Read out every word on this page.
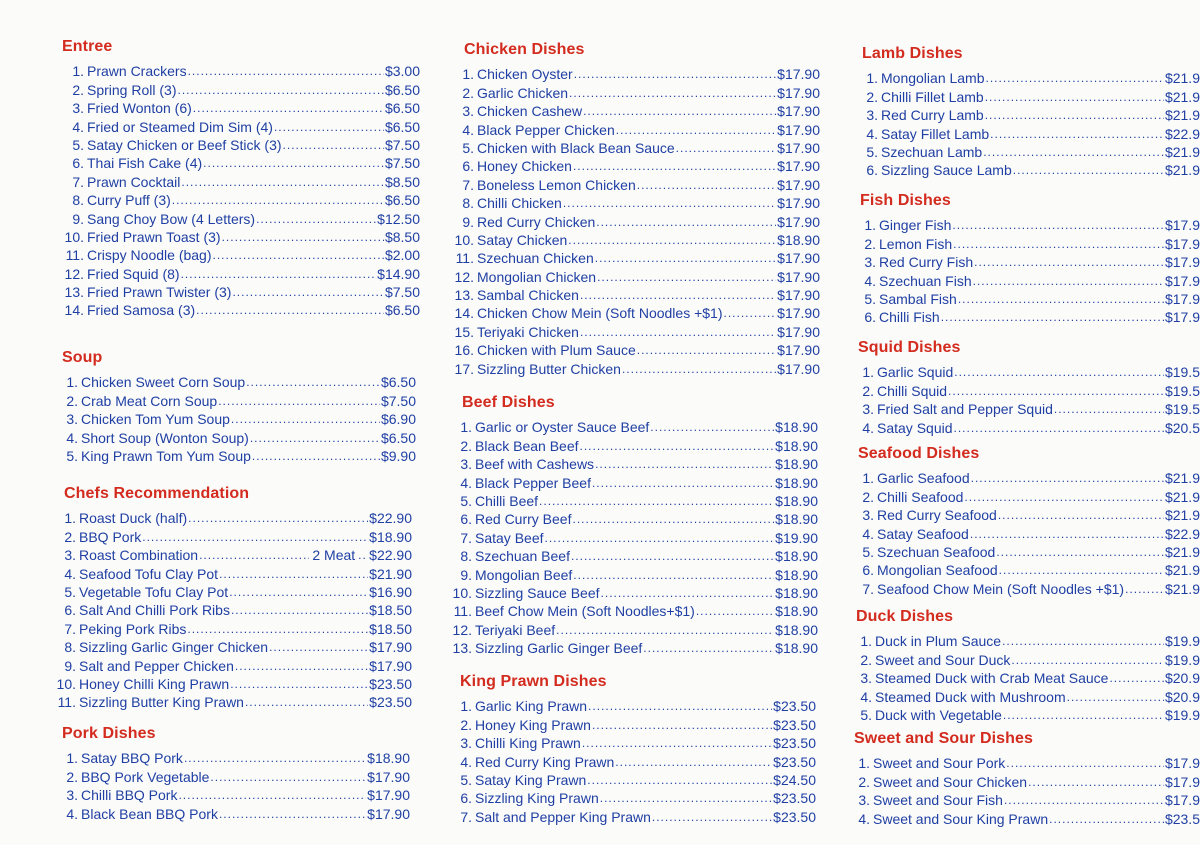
Entree
1. Prawn Crackers .....	$3.00
2. Spring Roll (3) .....	$6.50
3. Fried Wonton (6) .....	$6.50
4. Fried or Steamed Dim Sim (4) .....	$6.50
5. Satay Chicken or Beef Stick (3) .....	$7.50
6. Thai Fish Cake (4) .....	$7.50
7. Prawn Cocktail .....	$8.50
8. Curry Puff (3) .....	$6.50
9. Sang Choy Bow (4 Letters) .....	$12.50
10. Fried Prawn Toast (3) .....	$8.50
11. Crispy Noodle (bag) .....	$2.00
12. Fried Squid (8) .....	$14.90
13. Fried Prawn Twister (3) .....	$7.50
14. Fried Samosa (3) .....	$6.50
Soup
1. Chicken Sweet Corn Soup .....	$6.50
2. Crab Meat Corn Soup .....	$7.50
3. Chicken Tom Yum Soup .....	$6.90
4. Short Soup (Wonton Soup) .....	$6.50
5. King Prawn Tom Yum Soup .....	$9.90
Chefs Recommendation
1. Roast Duck (half) .....	$22.90
2. BBQ Pork .....	$18.90
3. Roast Combination .....	2 Meat ..... $22.90
4. Seafood Tofu Clay Pot .....	$21.90
5. Vegetable Tofu Clay Pot .....	$16.90
6. Salt And Chilli Pork Ribs .....	$18.50
7. Peking Pork Ribs .....	$18.50
8. Sizzling Garlic Ginger Chicken .....	$17.90
9. Salt and Pepper Chicken .....	$17.90
10. Honey Chilli King Prawn .....	$23.50
11. Sizzling Butter King Prawn .....	$23.50
Pork Dishes
1. Satay BBQ Pork .....	$18.90
2. BBQ Pork Vegetable .....	$17.90
3. Chilli BBQ Pork .....	$17.90
4. Black Bean BBQ Pork .....	$17.90
Chicken Dishes
1. Chicken Oyster .....	$17.90
2. Garlic Chicken .....	$17.90
3. Chicken Cashew .....	$17.90
4. Black Pepper Chicken .....	$17.90
5. Chicken with Black Bean Sauce .....	$17.90
6. Honey Chicken .....	$17.90
7. Boneless Lemon Chicken .....	$17.90
8. Chilli Chicken .....	$17.90
9. Red Curry Chicken .....	$17.90
10. Satay Chicken .....	$18.90
11. Szechuan Chicken .....	$17.90
12. Mongolian Chicken .....	$17.90
13. Sambal Chicken .....	$17.90
14. Chicken Chow Mein (Soft Noodles +$1) .....	$17.90
15. Teriyaki Chicken .....	$17.90
16. Chicken with Plum Sauce .....	$17.90
17. Sizzling Butter Chicken .....	$17.90
Beef Dishes
1. Garlic or Oyster Sauce Beef .....	$18.90
2. Black Bean Beef .....	$18.90
3. Beef with Cashews .....	$18.90
4. Black Pepper Beef .....	$18.90
5. Chilli Beef .....	$18.90
6. Red Curry Beef .....	$18.90
7. Satay Beef .....	$19.90
8. Szechuan Beef .....	$18.90
9. Mongolian Beef .....	$18.90
10. Sizzling Sauce Beef .....	$18.90
11. Beef Chow Mein (Soft Noodles+$1) .....	$18.90
12. Teriyaki Beef .....	$18.90
13. Sizzling Garlic Ginger Beef .....	$18.90
King Prawn Dishes
1. Garlic King Prawn .....	$23.50
2. Honey King Prawn .....	$23.50
3. Chilli King Prawn .....	$23.50
4. Red Curry King Prawn .....	$23.50
5. Satay King Prawn .....	$24.50
6. Sizzling King Prawn .....	$23.50
7. Salt and Pepper King Prawn .....	$23.50
Lamb Dishes
1. Mongolian Lamb .....	$21.9
2. Chilli Fillet Lamb .....	$21.9
3. Red Curry Lamb .....	$21.9
4. Satay Fillet Lamb .....	$22.9
5. Szechuan Lamb .....	$21.9
6. Sizzling Sauce Lamb .....	$21.9
Fish Dishes
1. Ginger Fish .....	$17.9
2. Lemon Fish .....	$17.9
3. Red Curry Fish .....	$17.9
4. Szechuan Fish .....	$17.9
5. Sambal Fish .....	$17.9
6. Chilli Fish .....	$17.9
Squid Dishes
1. Garlic Squid .....	$19.5
2. Chilli Squid .....	$19.5
3. Fried Salt and Pepper Squid .....	$19.5
4. Satay Squid .....	$20.5
Seafood Dishes
1. Garlic Seafood .....	$21.9
2. Chilli Seafood .....	$21.9
3. Red Curry Seafood .....	$21.9
4. Satay Seafood .....	$22.9
5. Szechuan Seafood .....	$21.9
6. Mongolian Seafood .....	$21.9
7. Seafood Chow Mein (Soft Noodles +$1) .....	$21.9
Duck Dishes
1. Duck in Plum Sauce .....	$19.9
2. Sweet and Sour Duck .....	$19.9
3. Steamed Duck with Crab Meat Sauce .....	$20.9
4. Steamed Duck with Mushroom .....	$20.9
5. Duck with Vegetable .....	$19.9
Sweet and Sour Dishes
1. Sweet and Sour Pork .....	$17.9
2. Sweet and Sour Chicken .....	$17.9
3. Sweet and Sour Fish .....	$17.9
4. Sweet and Sour King Prawn .....	$23.5
